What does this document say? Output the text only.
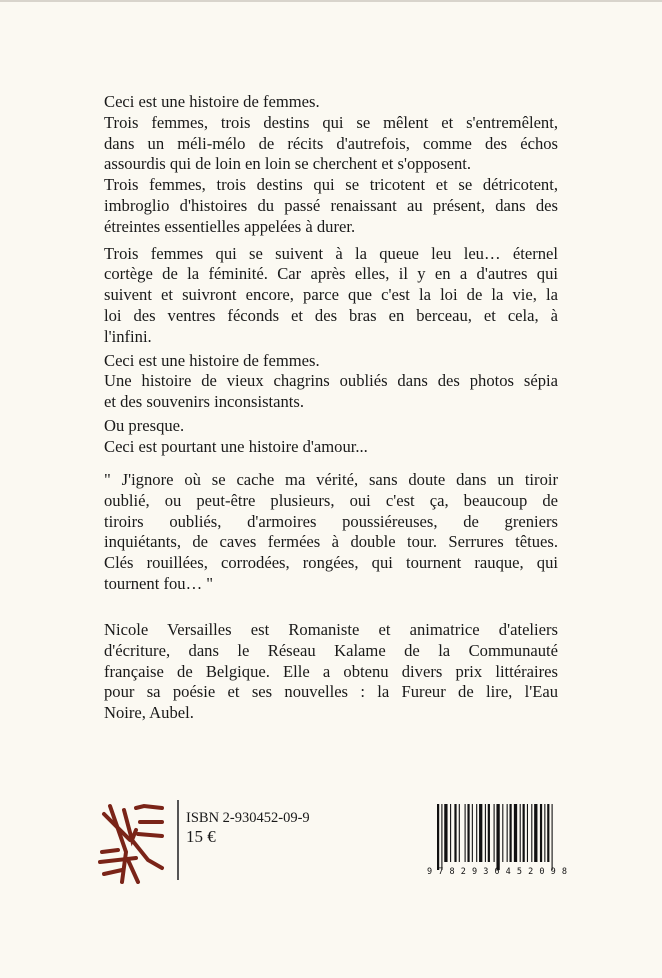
Ceci est une histoire de femmes.
Trois femmes, trois destins qui se mêlent et s'entremêlent,
dans un méli-mélo de récits d'autrefois, comme des échos
assourdis qui de loin en loin se cherchent et s'opposent.
Trois femmes, trois destins qui se tricotent et se détricotent,
imbroglio d'histoires du passé renaissant au présent, dans des
étreintes essentielles appelées à durer.
Trois femmes qui se suivent à la queue leu leu… éternel
cortège de la féminité. Car après elles, il y en a d'autres qui
suivent et suivront encore, parce que c'est la loi de la vie, la
loi des ventres féconds et des bras en berceau, et cela, à
l'infini.
Ceci est une histoire de femmes.
Une histoire de vieux chagrins oubliés dans des photos sépia
et des souvenirs inconsistants.
Ou presque.
Ceci est pourtant une histoire d'amour...
" J'ignore où se cache ma vérité, sans doute dans un tiroir
oublié, ou peut-être plusieurs, oui c'est ça, beaucoup de
tiroirs oubliés, d'armoires poussiéreuses, de greniers
inquiétants, de caves fermées à double tour. Serrures têtues.
Clés rouillées, corrodées, rongées, qui tournent rauque, qui
tournent fou… "
Nicole Versailles est Romaniste et animatrice d'ateliers
d'écriture, dans le Réseau Kalame de la Communauté
française de Belgique. Elle a obtenu divers prix littéraires
pour sa poésie et ses nouvelles : la Fureur de lire, l'Eau
Noire, Aubel.
ISBN 2-930452-09-9
15 €
9 7 8 2 9 3 0 4 5 2 0 9 8
